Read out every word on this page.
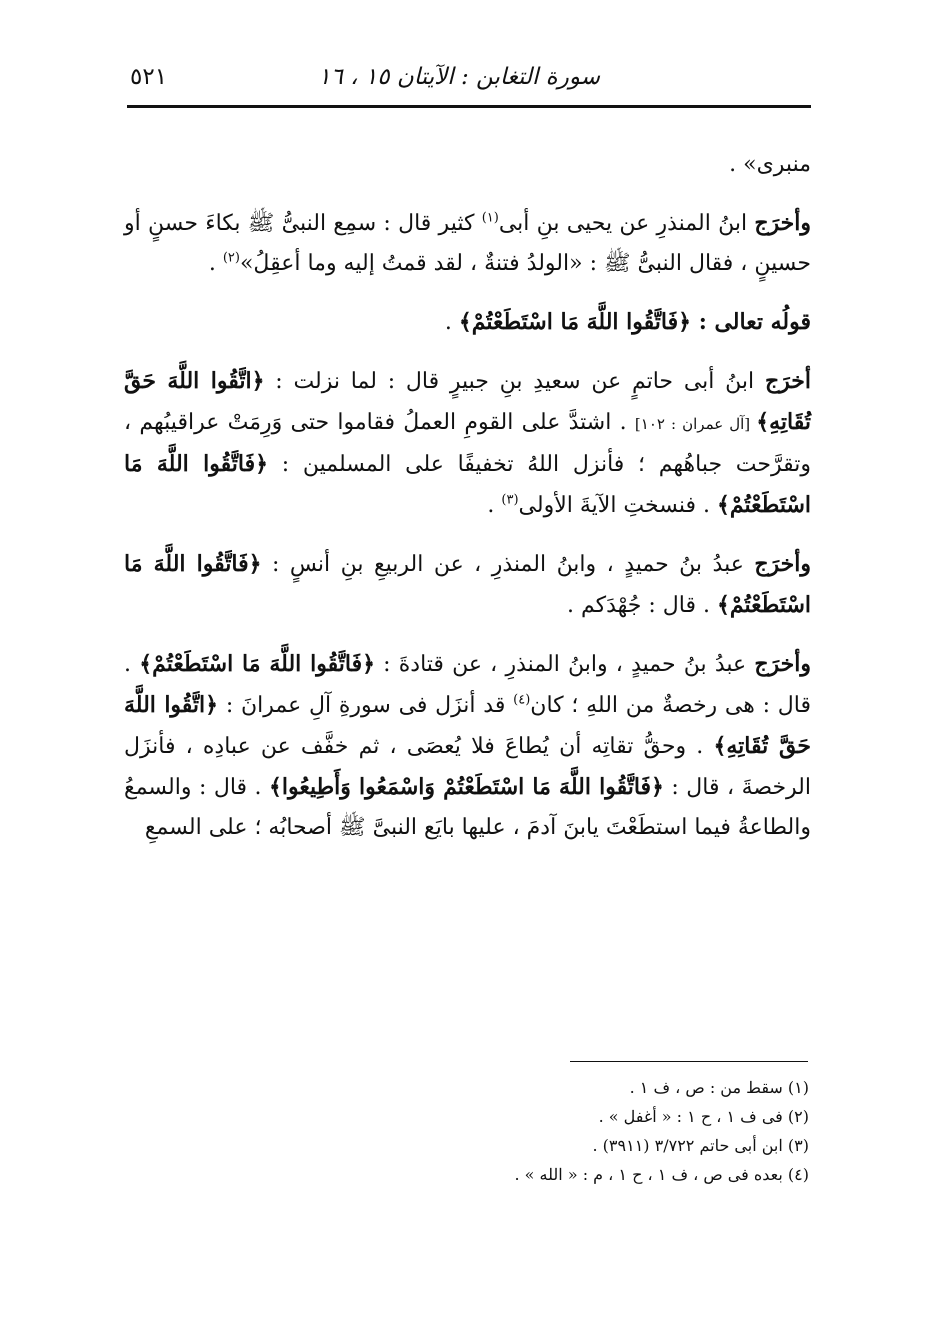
سورة التغابن : الآيتان ١٥ ، ١٦
٥٢١

منبرى» .

وأخرَج ابنُ المنذرِ عن يحيى بنِ أبى$^{(١)}$ كثير قال : سمِع النبىُّ ﷺ بكاءَ حسنٍ أو حسينٍ ، فقال النبىُّ ﷺ : «الولدُ فتنةٌ ، لقد قمتُ إليه وما أعقِلُ»$^{(٢)}$ .

قولُه تعالى : ﴿فَاتَّقُوا اللَّهَ مَا اسْتَطَعْتُمْ﴾ .

أخرَج ابنُ أبى حاتمٍ عن سعيدِ بنِ جبيرٍ قال : لما نزلت : ﴿اتَّقُوا اللَّهَ حَقَّ تُقَاتِهِ﴾ [آل عمران : ١٠٢] . اشتدَّ على القومِ العملُ فقاموا حتى وَرِمَتْ عراقيبُهم ، وتقرَّحت جباهُهم ؛ فأنزل اللهُ تخفيفًا على المسلمين : ﴿فَاتَّقُوا اللَّهَ مَا اسْتَطَعْتُمْ﴾ . فنسختِ الآيةَ الأولى$^{(٣)}$ .

وأخرَج عبدُ بنُ حميدٍ ، وابنُ المنذرِ ، عن الربيعِ بنِ أنسٍ : ﴿فَاتَّقُوا اللَّهَ مَا اسْتَطَعْتُمْ﴾ . قال : جُهْدَكم .

وأخرَج عبدُ بنُ حميدٍ ، وابنُ المنذرِ ، عن قتادةَ : ﴿فَاتَّقُوا اللَّهَ مَا اسْتَطَعْتُمْ﴾ . قال : هى رخصةٌ من اللهِ ؛ كان$^{(٤)}$ قد أنزَل فى سورةِ آلِ عمرانَ : ﴿اتَّقُوا اللَّهَ حَقَّ تُقَاتِهِ﴾ . وحقُّ تقاتِه أن يُطاعَ فلا يُعصَى ، ثم خفَّف عن عبادِه ، فأنزَل الرخصةَ ، قال : ﴿فَاتَّقُوا اللَّهَ مَا اسْتَطَعْتُمْ وَاسْمَعُوا وَأَطِيعُوا﴾ . قال : والسمعُ والطاعةُ فيما استطَعْتَ يابنَ آدمَ ، عليها بايَع النبىَّ ﷺ أصحابُه ؛ على السمعِ

(١) سقط من : ص ، ف ١ .
(٢) فى ف ١ ، ح ١ : « أغفل » .
(٣) ابن أبى حاتم ٣/٧٢٢ (٣٩١١) .
(٤) بعده فى ص ، ف ١ ، ح ١ ، م : « الله » .
